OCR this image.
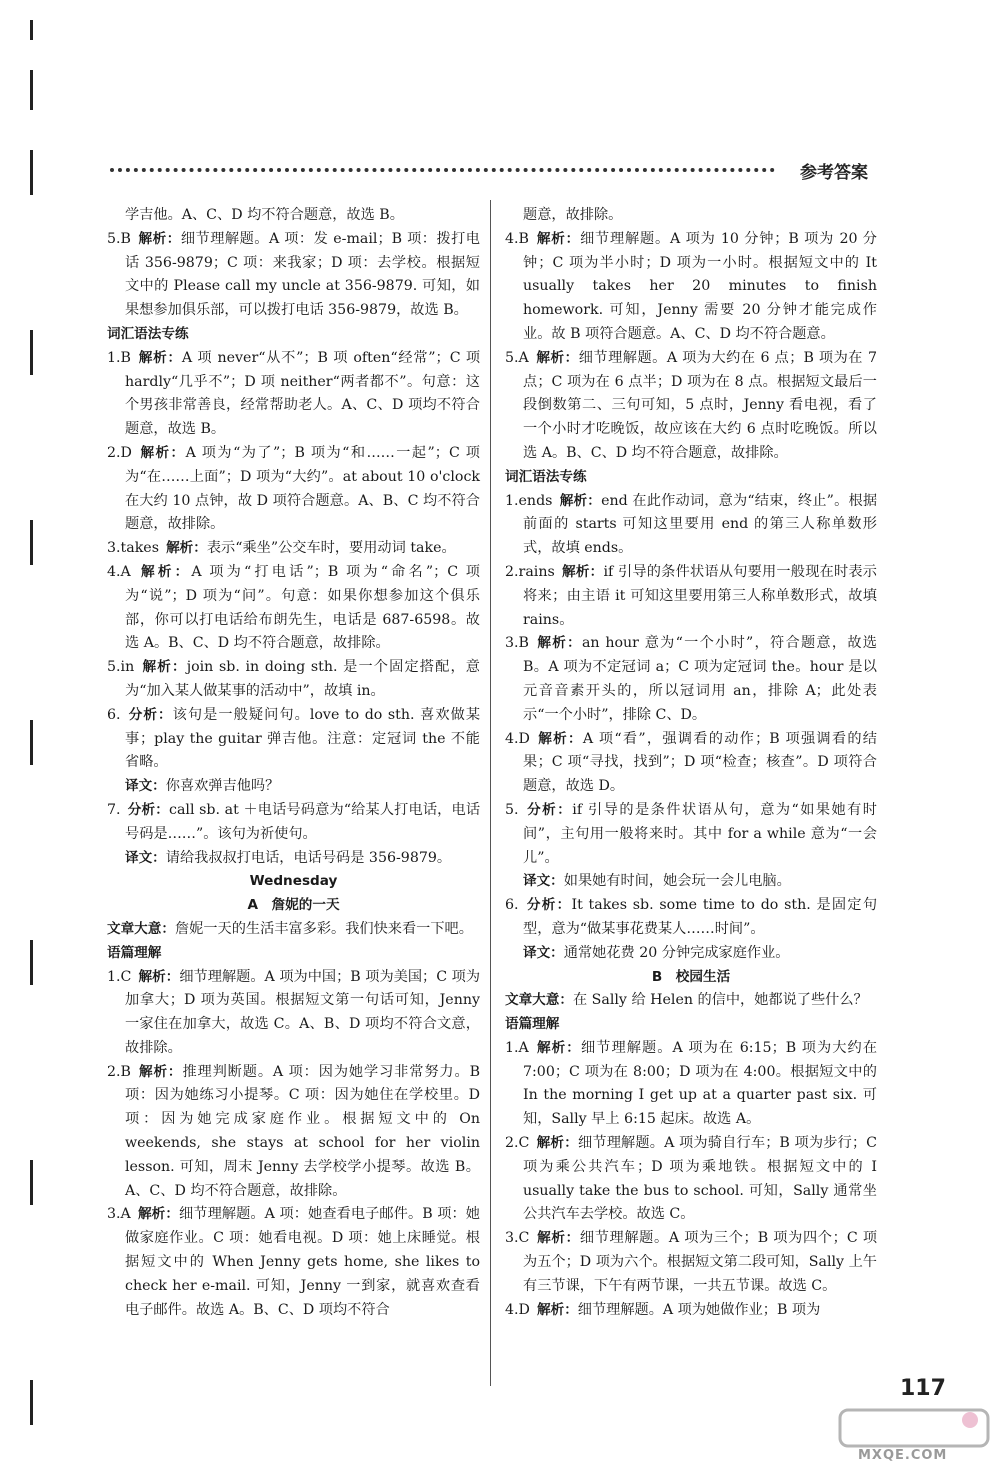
参考答案

学吉他。A、C、D 均不符合题意，故选 B。

5.B  解析：细节理解题。A 项：发 e-mail；B 项：拨打电话 356-9879；C 项：来我家；D 项：去学校。根据短文中的 Please call my uncle at 356-9879. 可知，如果想参加俱乐部，可以拨打电话 356-9879，故选 B。

词汇语法专练

1.B  解析：A 项 never“从不”；B 项 often“经常”；C 项 hardly“几乎不”；D 项 neither“两者都不”。句意：这个男孩非常善良，经常帮助老人。A、C、D 项均不符合题意，故选 B。

2.D  解析：A 项为“为了”；B 项为“和……一起”；C 项为“在……上面”；D 项为“大约”。at about 10 o'clock 在大约 10 点钟，故 D 项符合题意。A、B、C 均不符合题意，故排除。

3.takes  解析：表示“乘坐”公交车时，要用动词 take。

4.A  解析：A 项为“打电话”；B 项为“命名”；C 项为“说”；D 项为“问”。句意：如果你想参加这个俱乐部，你可以打电话给布朗先生，电话是 687-6598。故选 A。B、C、D 均不符合题意，故排除。

5.in  解析：join sb. in doing sth. 是一个固定搭配，意为“加入某人做某事的活动中”，故填 in。

6.  分析：该句是一般疑问句。love to do sth. 喜欢做某事；play the guitar 弹吉他。注意：定冠词 the 不能省略。

译文：你喜欢弹吉他吗？

7.  分析：call sb. at ＋电话号码意为“给某人打电话，电话号码是……”。该句为祈使句。

译文：请给我叔叔打电话，电话号码是 356-9879。

Wednesday

A　詹妮的一天

文章大意：詹妮一天的生活丰富多彩。我们快来看一下吧。

语篇理解

1.C  解析：细节理解题。A 项为中国；B 项为美国；C 项为加拿大；D 项为英国。根据短文第一句话可知，Jenny 一家住在加拿大，故选 C。A、B、D 项均不符合文意，故排除。

2.B  解析：推理判断题。A 项：因为她学习非常努力。B 项：因为她练习小提琴。C 项：因为她住在学校里。D 项：因为她完成家庭作业。根据短文中的 On weekends, she stays at school for her violin lesson. 可知，周末 Jenny 去学校学小提琴。故选 B。A、C、D 均不符合题意，故排除。

3.A  解析：细节理解题。A 项：她查看电子邮件。B 项：她做家庭作业。C 项：她看电视。D 项：她上床睡觉。根据短文中的 When Jenny gets home, she likes to check her e-mail. 可知，Jenny 一到家，就喜欢查看电子邮件。故选 A。B、C、D 项均不符合

题意，故排除。

4.B  解析：细节理解题。A 项为 10 分钟；B 项为 20 分钟；C 项为半小时；D 项为一小时。根据短文中的 It usually takes her 20 minutes to finish homework. 可知，Jenny 需要 20 分钟才能完成作业。故 B 项符合题意。A、C、D 均不符合题意。

5.A  解析：细节理解题。A 项为大约在 6 点；B 项为在 7 点；C 项为在 6 点半；D 项为在 8 点。根据短文最后一段倒数第二、三句可知，5 点时，Jenny 看电视，看了一个小时才吃晚饭，故应该在大约 6 点时吃晚饭。所以选 A。B、C、D 均不符合题意，故排除。

词汇语法专练

1.ends  解析：end 在此作动词，意为“结束，终止”。根据前面的 starts 可知这里要用 end 的第三人称单数形式，故填 ends。

2.rains  解析：if 引导的条件状语从句要用一般现在时表示将来；由主语 it 可知这里要用第三人称单数形式，故填 rains。

3.B  解析：an hour 意为“一个小时”，符合题意，故选 B。A 项为不定冠词 a；C 项为定冠词 the。hour 是以元音音素开头的，所以冠词用 an，排除 A；此处表示“一个小时”，排除 C、D。

4.D  解析：A 项“看”，强调看的动作；B 项强调看的结果；C 项“寻找，找到”；D 项“检查；核查”。D 项符合题意，故选 D。

5.  分析：if 引导的是条件状语从句，意为“如果她有时间”，主句用一般将来时。其中 for a while 意为“一会儿”。

译文：如果她有时间，她会玩一会儿电脑。

6.  分析：It takes sb. some time to do sth. 是固定句型，意为“做某事花费某人……时间”。

译文：通常她花费 20 分钟完成家庭作业。

B　校园生活

文章大意：在 Sally 给 Helen 的信中，她都说了些什么？

语篇理解

1.A  解析：细节理解题。A 项为在 6:15；B 项为大约在 7:00；C 项为在 8:00；D 项为在 4:00。根据短文中的 In the morning I get up at a quarter past six. 可知，Sally 早上 6:15 起床。故选 A。

2.C  解析：细节理解题。A 项为骑自行车；B 项为步行；C 项为乘公共汽车；D 项为乘地铁。根据短文中的 I usually take the bus to school. 可知，Sally 通常坐公共汽车去学校。故选 C。

3.C  解析：细节理解题。A 项为三个；B 项为四个；C 项为五个；D 项为六个。根据短文第二段可知，Sally 上午有三节课，下午有两节课，一共五节课。故选 C。

4.D  解析：细节理解题。A 项为她做作业；B 项为

117
MXQE.COM
